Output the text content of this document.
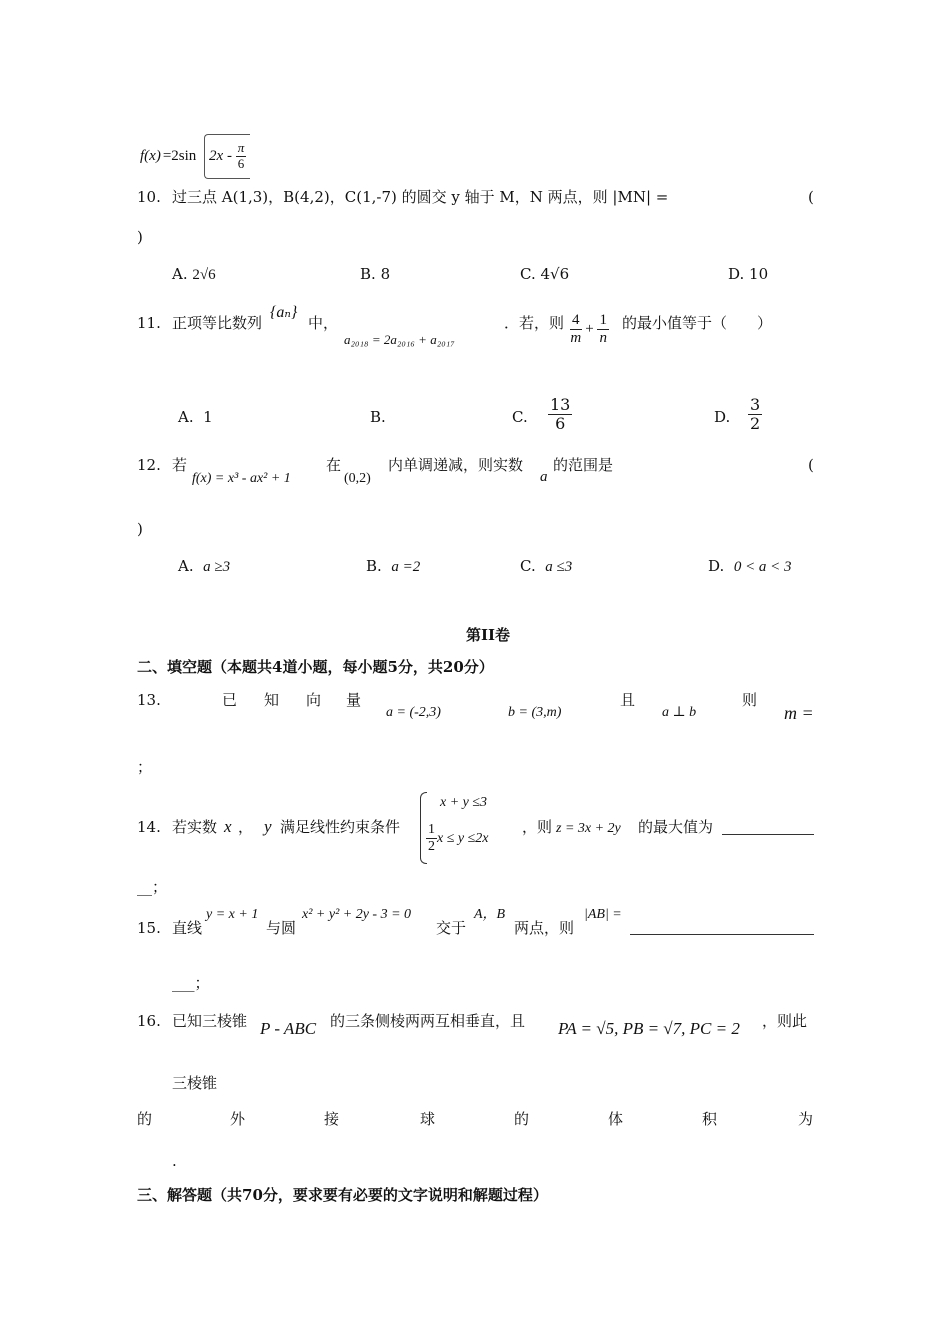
f(x) =2sin $2x - \frac{\pi}{6}$
10. 过三点 A(1,3)，B(4,2)，C(1,-7) 的圆交 y 轴于 M，N 两点，则 |MN| =	(
)
A. 2√6	B. 8	C. 4√6	D. 10
11. 正项等比数列
{aₙ}
中，
a₂₀₁₈ = 2a₂₀₁₆ + a₂₀₁₇
．若，则 $\frac{4}{m} + \frac{1}{n}$ 的最小值等于（　　）
A. 1	B.	C. $\frac{13}{6}$	D. $\frac{3}{2}$
12. 若
f(x) = x³ - ax² + 1
在
(0,2)
内单调递减，则实数
a
的范围是	(
)
A. a ≥3	B. a =2	C. a ≤3	D. 0 < a < 3
第II卷
二、填空题（本题共4道小题，每小题5分，共20分）
13.	已 知 向 量
a = (-2,3)	b = (3,m)
且
a ⊥ b
则
m =
；
14. 若实数 x ， y 满足线性约束条件
x + y ≤3
$\frac{1}{2}$ x ≤ y ≤2x
，则 z = 3x + 2y 的最大值为
__；
15. 直线
y = x + 1
与圆
x² + y² + 2y - 3 = 0
交于
A，B
两点，则
|AB| =
___；
16. 已知三棱锥 P - ABC 的三条侧棱两两互相垂直，且 PA = √5, PB = √7, PC = 2 ，则此
三棱锥
的	外	接	球	的	体	积	为
.
三、解答题（共70分，要求要有必要的文字说明和解题过程）
